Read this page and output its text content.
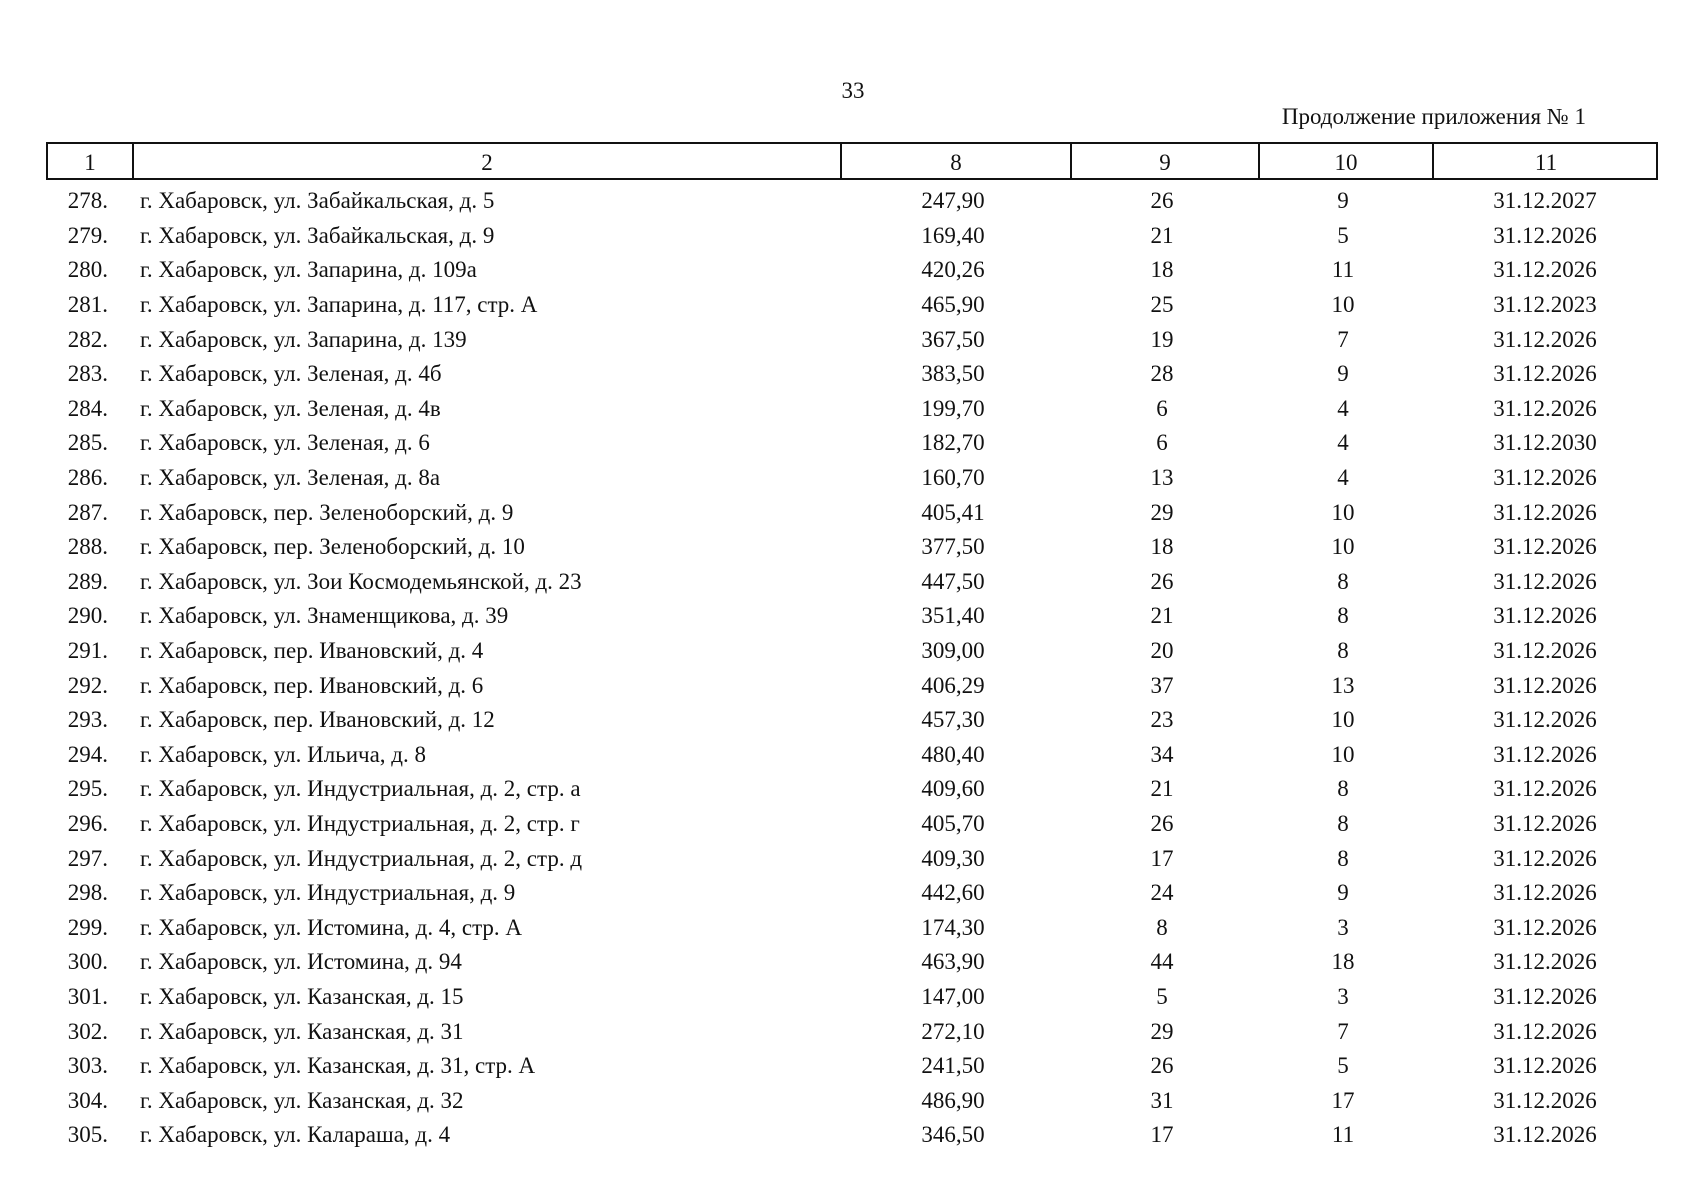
33
Продолжение приложения № 1
1	2	8	9	10	11
278. г. Хабаровск, ул. Забайкальская, д. 5	247,90	26	9	31.12.2027
279. г. Хабаровск, ул. Забайкальская, д. 9	169,40	21	5	31.12.2026
280. г. Хабаровск, ул. Запарина, д. 109а	420,26	18	11	31.12.2026
281. г. Хабаровск, ул. Запарина, д. 117, стр. А	465,90	25	10	31.12.2023
282. г. Хабаровск, ул. Запарина, д. 139	367,50	19	7	31.12.2026
283. г. Хабаровск, ул. Зеленая, д. 4б	383,50	28	9	31.12.2026
284. г. Хабаровск, ул. Зеленая, д. 4в	199,70	6	4	31.12.2026
285. г. Хабаровск, ул. Зеленая, д. 6	182,70	6	4	31.12.2030
286. г. Хабаровск, ул. Зеленая, д. 8а	160,70	13	4	31.12.2026
287. г. Хабаровск, пер. Зеленоборский, д. 9	405,41	29	10	31.12.2026
288. г. Хабаровск, пер. Зеленоборский, д. 10	377,50	18	10	31.12.2026
289. г. Хабаровск, ул. Зои Космодемьянской, д. 23	447,50	26	8	31.12.2026
290. г. Хабаровск, ул. Знаменщикова, д. 39	351,40	21	8	31.12.2026
291. г. Хабаровск, пер. Ивановский, д. 4	309,00	20	8	31.12.2026
292. г. Хабаровск, пер. Ивановский, д. 6	406,29	37	13	31.12.2026
293. г. Хабаровск, пер. Ивановский, д. 12	457,30	23	10	31.12.2026
294. г. Хабаровск, ул. Ильича, д. 8	480,40	34	10	31.12.2026
295. г. Хабаровск, ул. Индустриальная, д. 2, стр. а	409,60	21	8	31.12.2026
296. г. Хабаровск, ул. Индустриальная, д. 2, стр. г	405,70	26	8	31.12.2026
297. г. Хабаровск, ул. Индустриальная, д. 2, стр. д	409,30	17	8	31.12.2026
298. г. Хабаровск, ул. Индустриальная, д. 9	442,60	24	9	31.12.2026
299. г. Хабаровск, ул. Истомина, д. 4, стр. А	174,30	8	3	31.12.2026
300. г. Хабаровск, ул. Истомина, д. 94	463,90	44	18	31.12.2026
301. г. Хабаровск, ул. Казанская, д. 15	147,00	5	3	31.12.2026
302. г. Хабаровск, ул. Казанская, д. 31	272,10	29	7	31.12.2026
303. г. Хабаровск, ул. Казанская, д. 31, стр. А	241,50	26	5	31.12.2026
304. г. Хабаровск, ул. Казанская, д. 32	486,90	31	17	31.12.2026
305. г. Хабаровск, ул. Калараша, д. 4	346,50	17	11	31.12.2026
